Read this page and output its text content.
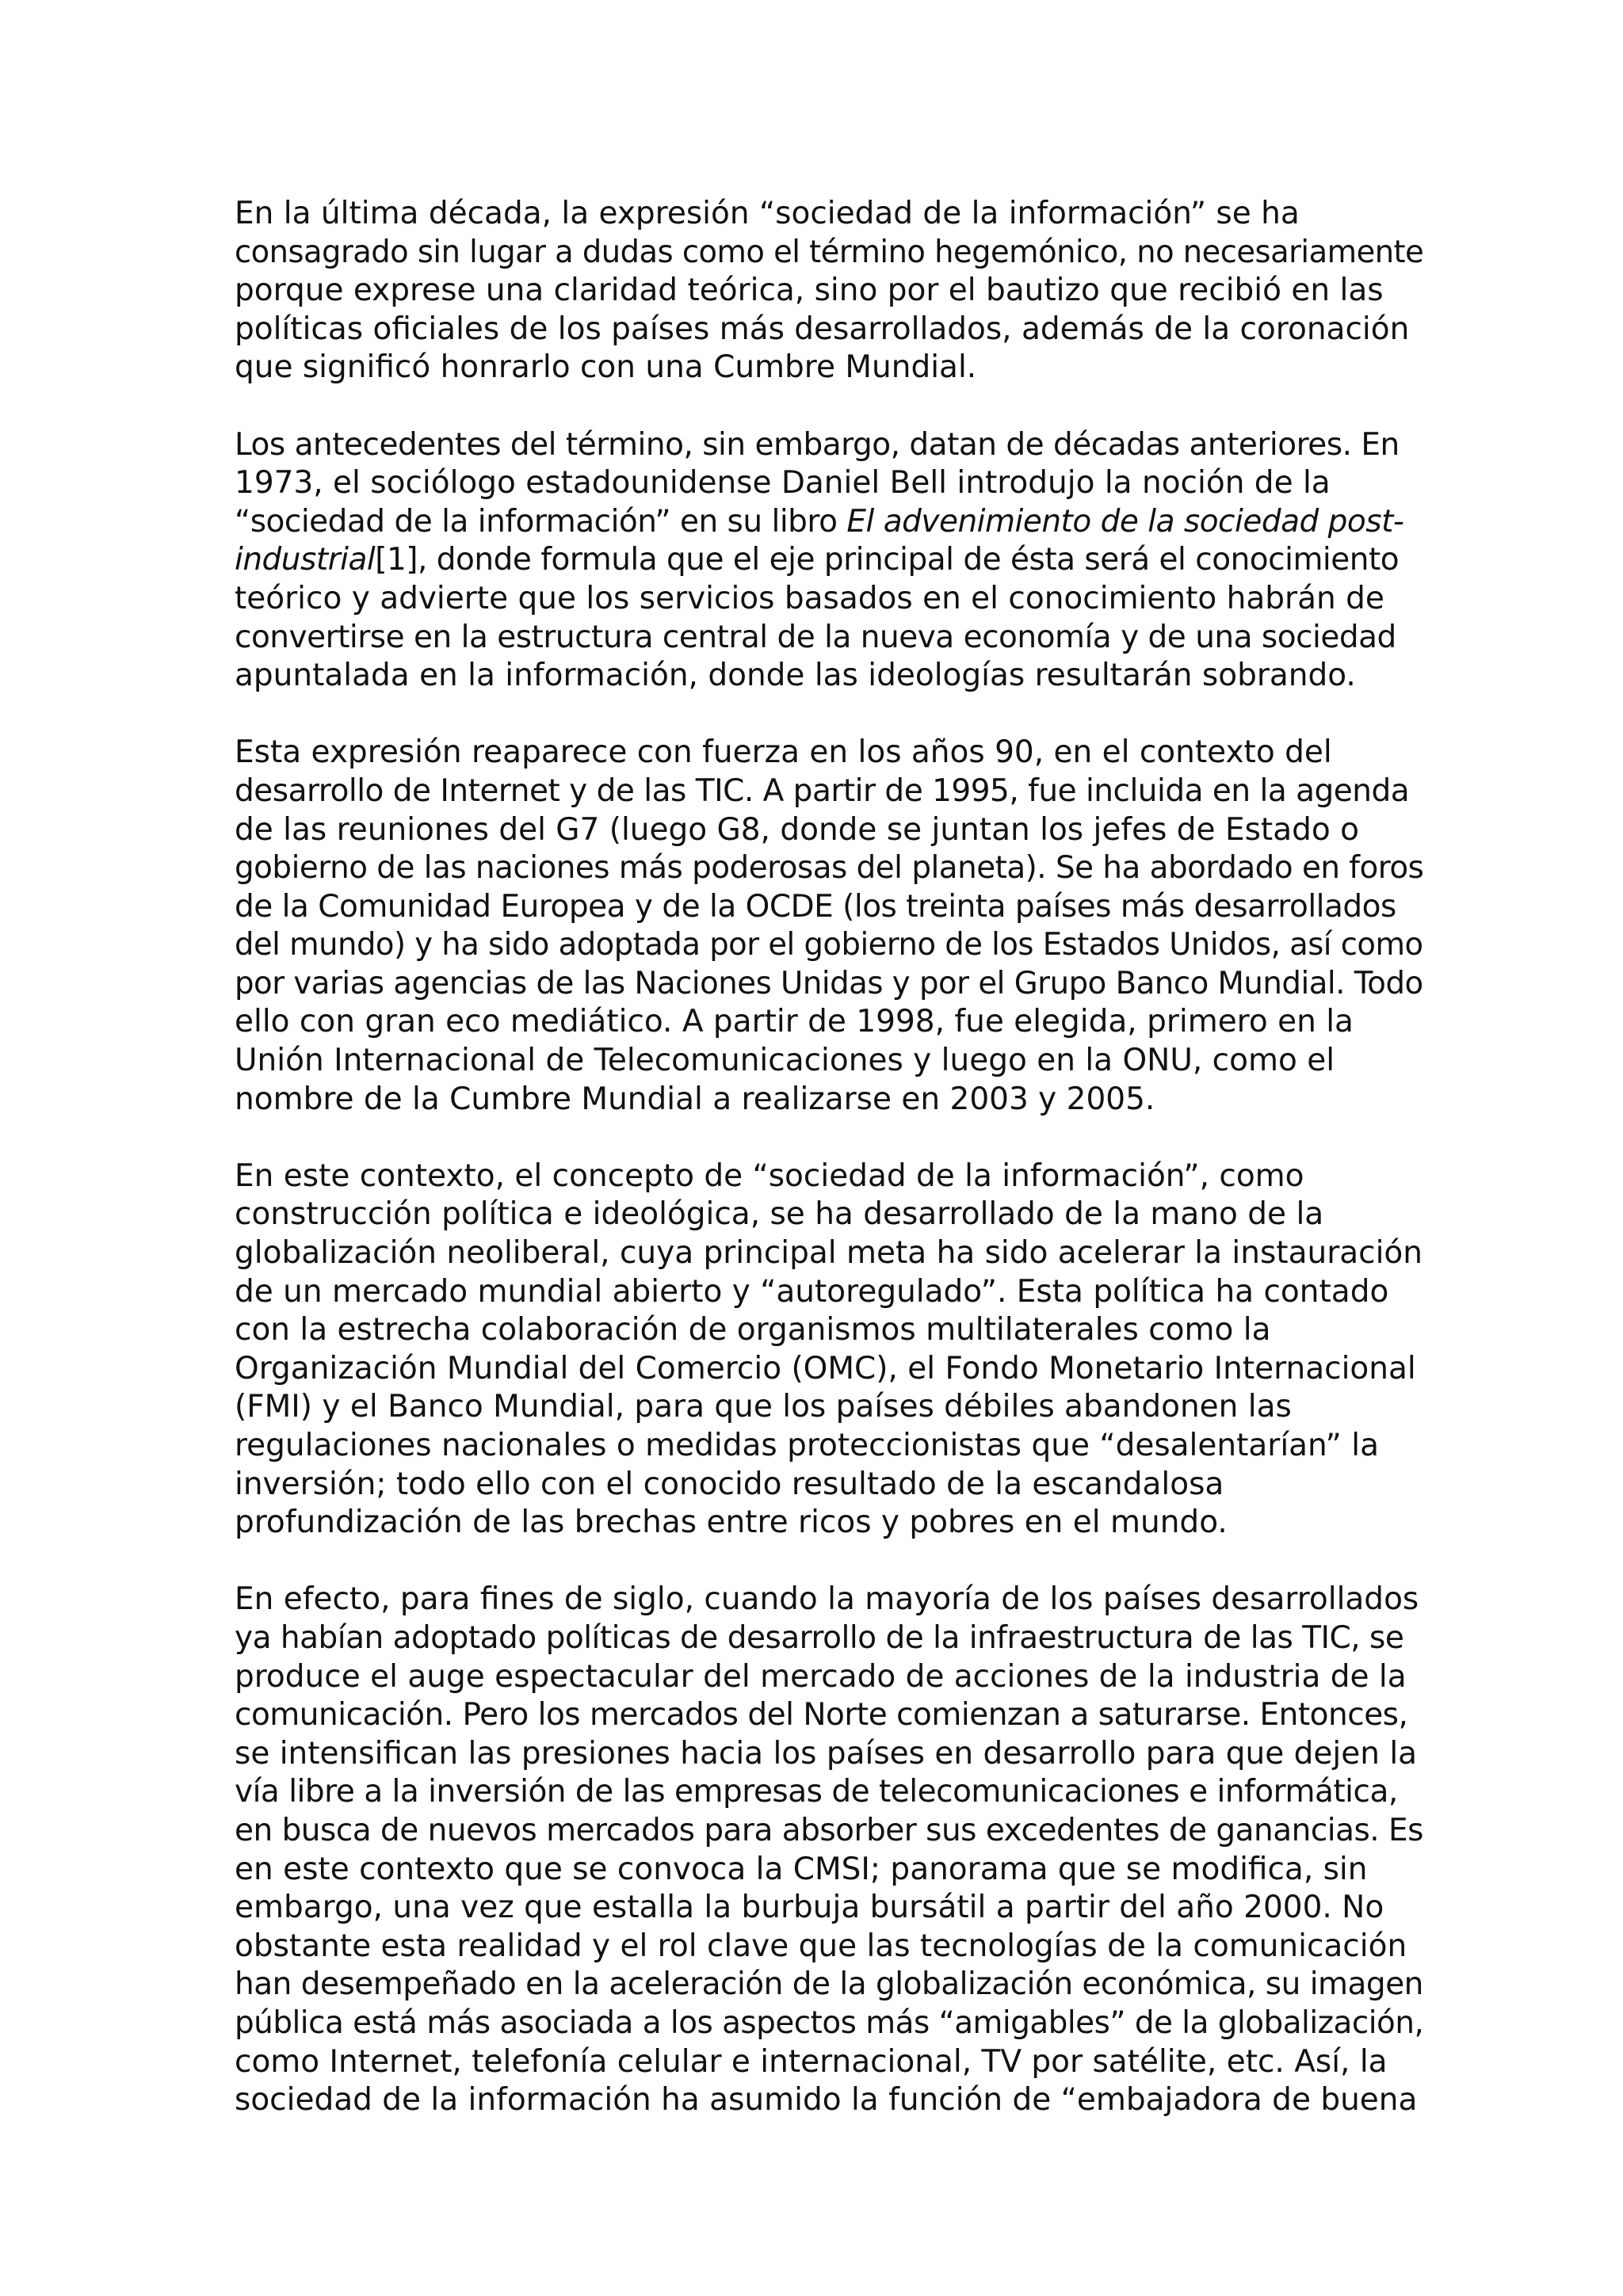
En la última década, la expresión “sociedad de la información” se ha
consagrado sin lugar a dudas como el término hegemónico, no necesariamente
porque exprese una claridad teórica, sino por el bautizo que recibió en las
políticas oficiales de los países más desarrollados, además de la coronación
que significó honrarlo con una Cumbre Mundial.

Los antecedentes del término, sin embargo, datan de décadas anteriores. En
1973, el sociólogo estadounidense Daniel Bell introdujo la noción de la
“sociedad de la información” en su libro El advenimiento de la sociedad post-
industrial[1], donde formula que el eje principal de ésta será el conocimiento
teórico y advierte que los servicios basados en el conocimiento habrán de
convertirse en la estructura central de la nueva economía y de una sociedad
apuntalada en la información, donde las ideologías resultarán sobrando.

Esta expresión reaparece con fuerza en los años 90, en el contexto del
desarrollo de Internet y de las TIC. A partir de 1995, fue incluida en la agenda
de las reuniones del G7 (luego G8, donde se juntan los jefes de Estado o
gobierno de las naciones más poderosas del planeta). Se ha abordado en foros
de la Comunidad Europea y de la OCDE (los treinta países más desarrollados
del mundo) y ha sido adoptada por el gobierno de los Estados Unidos, así como
por varias agencias de las Naciones Unidas y por el Grupo Banco Mundial. Todo
ello con gran eco mediático. A partir de 1998, fue elegida, primero en la
Unión Internacional de Telecomunicaciones y luego en la ONU, como el
nombre de la Cumbre Mundial a realizarse en 2003 y 2005.

En este contexto, el concepto de “sociedad de la información”, como
construcción política e ideológica, se ha desarrollado de la mano de la
globalización neoliberal, cuya principal meta ha sido acelerar la instauración
de un mercado mundial abierto y “autoregulado”. Esta política ha contado
con la estrecha colaboración de organismos multilaterales como la
Organización Mundial del Comercio (OMC), el Fondo Monetario Internacional
(FMI) y el Banco Mundial, para que los países débiles abandonen las
regulaciones nacionales o medidas proteccionistas que “desalentarían” la
inversión; todo ello con el conocido resultado de la escandalosa
profundización de las brechas entre ricos y pobres en el mundo.

En efecto, para fines de siglo, cuando la mayoría de los países desarrollados
ya habían adoptado políticas de desarrollo de la infraestructura de las TIC, se
produce el auge espectacular del mercado de acciones de la industria de la
comunicación. Pero los mercados del Norte comienzan a saturarse. Entonces,
se intensifican las presiones hacia los países en desarrollo para que dejen la
vía libre a la inversión de las empresas de telecomunicaciones e informática,
en busca de nuevos mercados para absorber sus excedentes de ganancias. Es
en este contexto que se convoca la CMSI; panorama que se modifica, sin
embargo, una vez que estalla la burbuja bursátil a partir del año 2000. No
obstante esta realidad y el rol clave que las tecnologías de la comunicación
han desempeñado en la aceleración de la globalización económica, su imagen
pública está más asociada a los aspectos más “amigables” de la globalización,
como Internet, telefonía celular e internacional, TV por satélite, etc. Así, la
sociedad de la información ha asumido la función de “embajadora de buena
